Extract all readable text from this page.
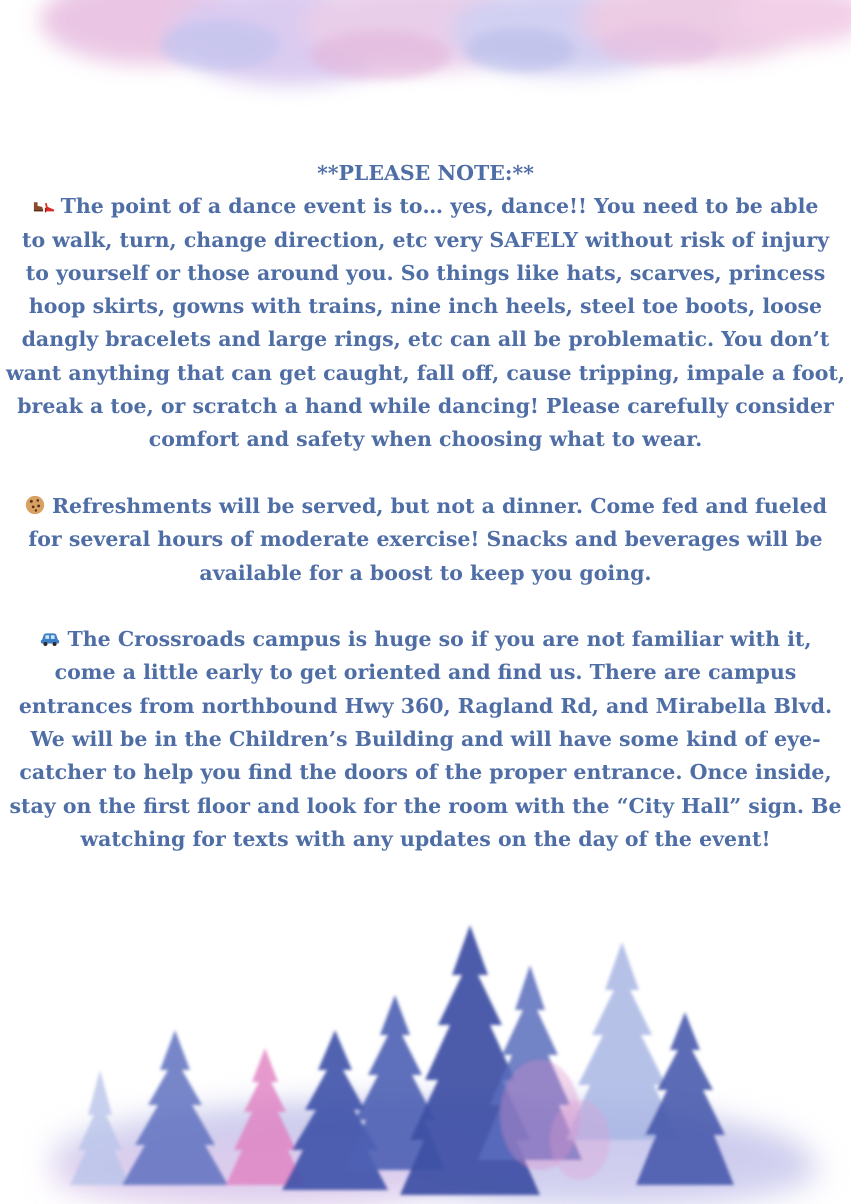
**PLEASE NOTE:**

The point of a dance event is to… yes, dance!! You need to be able

to walk, turn, change direction, etc very SAFELY without risk of injury

to yourself or those around you. So things like hats, scarves, princess

hoop skirts, gowns with trains, nine inch heels, steel toe boots, loose

dangly bracelets and large rings, etc can all be problematic. You don’t

want anything that can get caught, fall off, cause tripping, impale a foot,

break a toe, or scratch a hand while dancing! Please carefully consider

comfort and safety when choosing what to wear.

Refreshments will be served, but not a dinner. Come fed and fueled

for several hours of moderate exercise! Snacks and beverages will be

available for a boost to keep you going.

The Crossroads campus is huge so if you are not familiar with it,

come a little early to get oriented and find us. There are campus

entrances from northbound Hwy 360, Ragland Rd, and Mirabella Blvd.

We will be in the Children’s Building and will have some kind of eye-

catcher to help you find the doors of the proper entrance. Once inside,

stay on the first floor and look for the room with the “City Hall” sign. Be

watching for texts with any updates on the day of the event!
